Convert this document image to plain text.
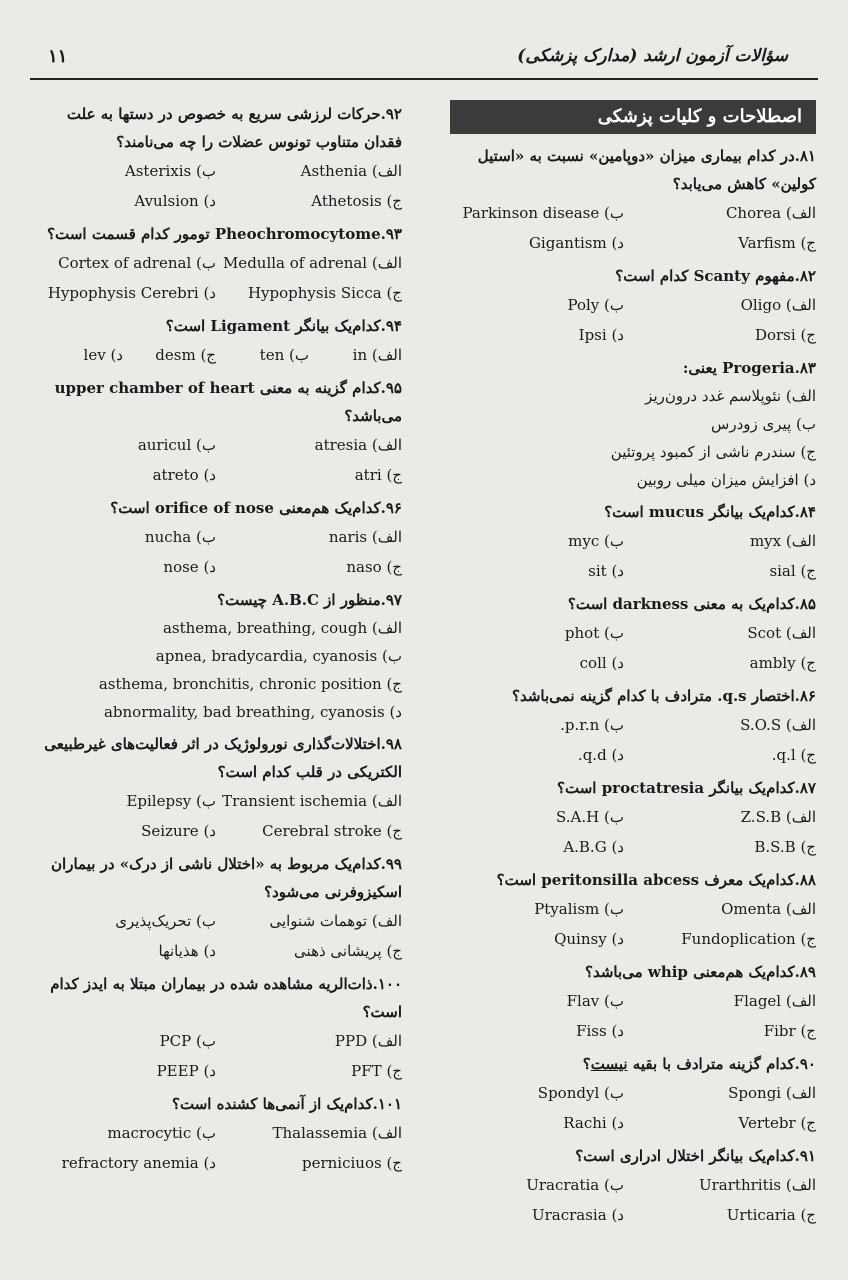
سؤالات آزمون ارشد (مدارک پزشکی)
۱۱
اصطلاحات و کلیات پزشکی
۸۱.در کدام بیماری میزان «دوپامین» نسبت به «استیل کولین» کاهش می‌یابد؟
الف) Chorea
ب) Parkinson disease
ج) Varfism
د) Gigantism
۸۲.مفهوم Scanty کدام است؟
الف) Oligo
ب) Poly
ج) Dorsi
د) Ipsi
۸۳.Progeria یعنی:
الف) نئوپلاسم غدد درون‌ریز
ب) پیری زودرس
ج) سندرم ناشی از کمبود پروتئین
د) افزایش میزان میلی روبین
۸۴.کدام‌یک بیانگر mucus است؟
الف) myx
ب) myc
ج) sial
د) sit
۸۵.کدام‌یک به معنی darkness است؟
الف) Scot
ب) phot
ج) ambly
د) coll
۸۶.اختصار q.s. مترادف با کدام گزینه نمی‌باشد؟
الف) S.O.S
ب) p.r.n.
ج) q.l.
د) q.d.
۸۷.کدام‌یک بیانگر proctatresia است؟
الف) Z.S.B
ب) S.A.H
ج) B.S.B
د) A.B.G
۸۸.کدام‌یک معرف peritonsilla abcess است؟
الف) Omenta
ب) Ptyalism
ج) Fundoplication
د) Quinsy
۸۹.کدام‌یک هم‌معنی whip می‌باشد؟
الف) Flagel
ب) Flav
ج) Fibr
د) Fiss
۹۰.کدام گزینه مترادف با بقیه نیست؟
الف) Spongi
ب) Spondyl
ج) Vertebr
د) Rachi
۹۱.کدام‌یک بیانگر اختلال ادراری است؟
الف) Urarthritis
ب) Uracratia
ج) Urticaria
د) Uracrasia
۹۲.حرکات لرزشی سریع به خصوص در دستها به علت فقدان متناوب تونوس عضلات را چه می‌نامند؟
الف) Asthenia
ب) Asterixis
ج) Athetosis
د) Avulsion
۹۳.Pheochromocytome تومور کدام قسمت است؟
الف) Medulla of adrenal
ب) Cortex of adrenal
ج) Hypophysis Sicca
د) Hypophysis Cerebri
۹۴.کدام‌یک بیانگر Ligament است؟
الف) in
ب) ten
ج) desm
د) lev
۹۵.کدام گزینه به معنی upper chamber of heart می‌باشد؟
الف) atresia
ب) auricul
ج) atri
د) atreto
۹۶.کدام‌یک هم‌معنی orifice of nose است؟
الف) naris
ب) nucha
ج) naso
د) nose
۹۷.منظور از A.B.C چیست؟
الف) asthema, breathing, cough
ب) apnea, bradycardia, cyanosis
ج) asthema, bronchitis, chronic position
د) abnormality, bad breathing, cyanosis
۹۸.اختلالات‌گذاری نورولوژیک در اثر فعالیت‌های غیرطبیعی الکتریکی در قلب کدام است؟
الف) Transient ischemia
ب) Epilepsy
ج) Cerebral stroke
د) Seizure
۹۹.کدام‌یک مربوط به «اختلال ناشی از درک» در بیماران اسکیزوفرنی می‌شود؟
الف) توهمات شنوایی
ب) تحریک‌پذیری
ج) پریشانی ذهنی
د) هذیانها
۱۰۰.ذات‌الریه مشاهده شده در بیماران مبتلا به ایدز کدام است؟
الف) PPD
ب) PCP
ج) PFT
د) PEEP
۱۰۱.کدام‌یک از آنمی‌ها کشنده است؟
الف) Thalassemia
ب) macrocytic
ج) perniciuos
د) refractory anemia
